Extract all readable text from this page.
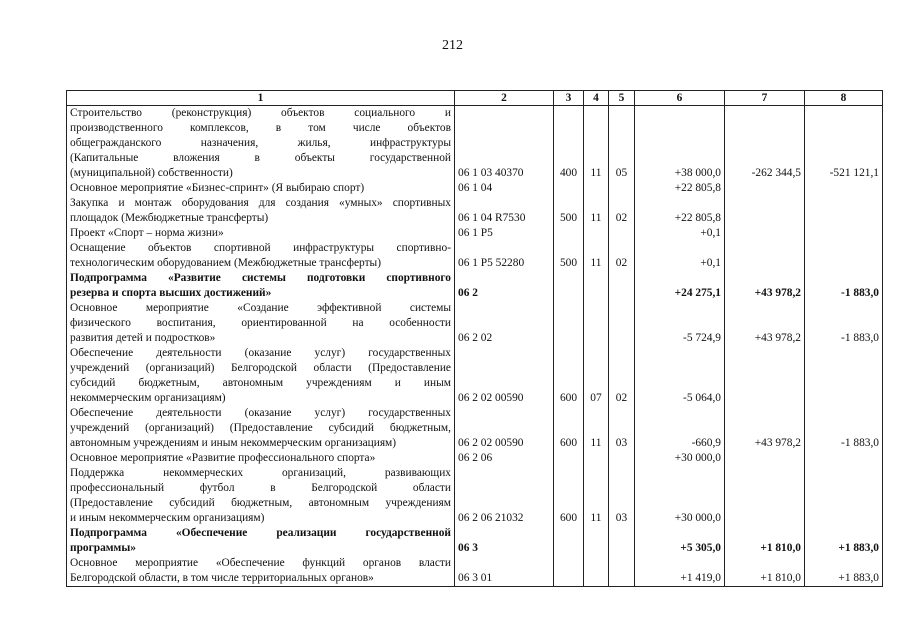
212
1	2	3	4	5	6	7	8

Строительство (реконструкция) объектов социального и
производственного комплексов, в том числе объектов
общегражданского назначения, жилья, инфраструктуры
(Капитальные вложения в объекты государственной
(муниципальной) собственности)	06 1 03 40370	400	11	05	+38 000,0	-262 344,5	-521 121,1

Основное мероприятие «Бизнес-спринт» (Я выбираю спорт)	06 1 04				+22 805,8		

Закупка и монтаж оборудования для создания «умных» спортивных
площадок (Межбюджетные трансферты)	06 1 04 R7530	500	11	02	+22 805,8		

Проект «Спорт – норма жизни»	06 1 P5				+0,1		

Оснащение объектов спортивной инфраструктуры спортивно-
технологическим оборудованием (Межбюджетные трансферты)	06 1 P5 52280	500	11	02	+0,1		

Подпрограмма «Развитие системы подготовки спортивного
резерва и спорта высших достижений»	06 2				+24 275,1	+43 978,2	-1 883,0

Основное мероприятие «Создание эффективной системы
физического воспитания, ориентированной на особенности
развития детей и подростков»	06 2 02				-5 724,9	+43 978,2	-1 883,0

Обеспечение деятельности (оказание услуг) государственных
учреждений (организаций) Белгородской области (Предоставление
субсидий бюджетным, автономным учреждениям и иным
некоммерческим организациям)	06 2 02 00590	600	07	02	-5 064,0		

Обеспечение деятельности (оказание услуг) государственных
учреждений (организаций) (Предоставление субсидий бюджетным,
автономным учреждениям и иным некоммерческим организациям)	06 2 02 00590	600	11	03	-660,9	+43 978,2	-1 883,0

Основное мероприятие «Развитие профессионального спорта»	06 2 06				+30 000,0		

Поддержка некоммерческих организаций, развивающих
профессиональный футбол в Белгородской области
(Предоставление субсидий бюджетным, автономным учреждениям
и иным некоммерческим организациям)	06 2 06 21032	600	11	03	+30 000,0		

Подпрограмма «Обеспечение реализации государственной
программы»	06 3				+5 305,0	+1 810,0	+1 883,0

Основное мероприятие «Обеспечение функций органов власти
Белгородской области, в том числе территориальных органов»	06 3 01				+1 419,0	+1 810,0	+1 883,0
